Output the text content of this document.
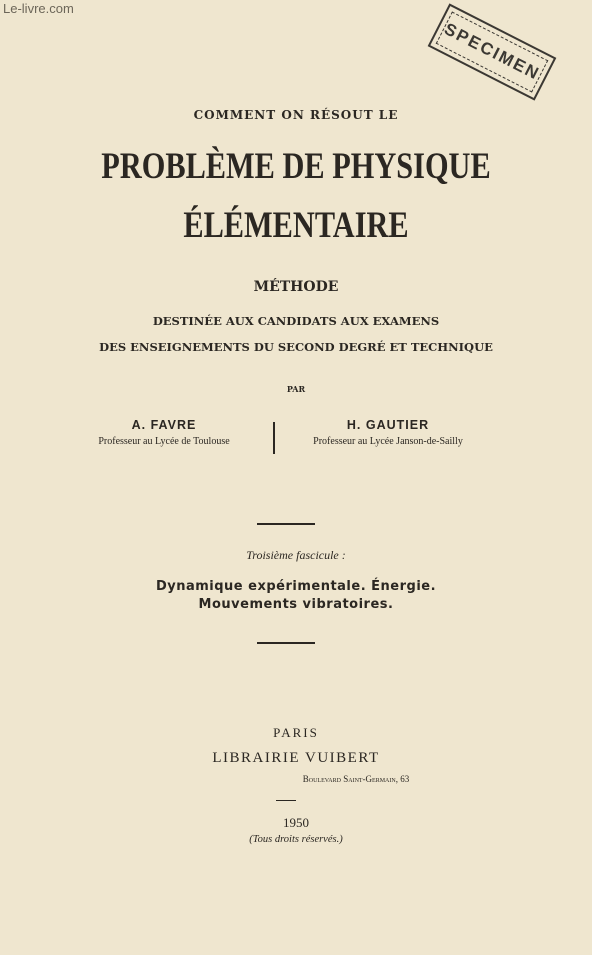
Le-livre.com
SPECIMEN
COMMENT ON RÉSOUT LE
PROBLÈME DE PHYSIQUE
ÉLÉMENTAIRE
MÉTHODE
DESTINÉE AUX CANDIDATS AUX EXAMENS
DES ENSEIGNEMENTS DU SECOND DEGRÉ ET TECHNIQUE
PAR
A. FAVRE
Professeur au Lycée de Toulouse
H. GAUTIER
Professeur au Lycée Janson-de-Sailly
Troisième fascicule :
Dynamique expérimentale. Énergie.
Mouvements vibratoires.
PARIS
LIBRAIRIE VUIBERT
Boulevard Saint-Germain, 63
1950
(Tous droits réservés.)
